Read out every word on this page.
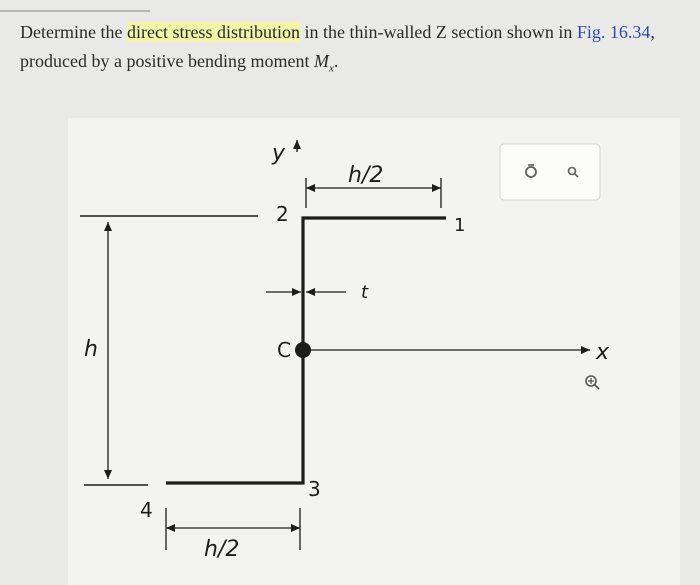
Determine the direct stress distribution in the thin-walled Z section shown in Fig. 16.34, produced by a positive bending moment $M_x$.
y
h/2
2	1
3
4
t
C	x
h
h/2
